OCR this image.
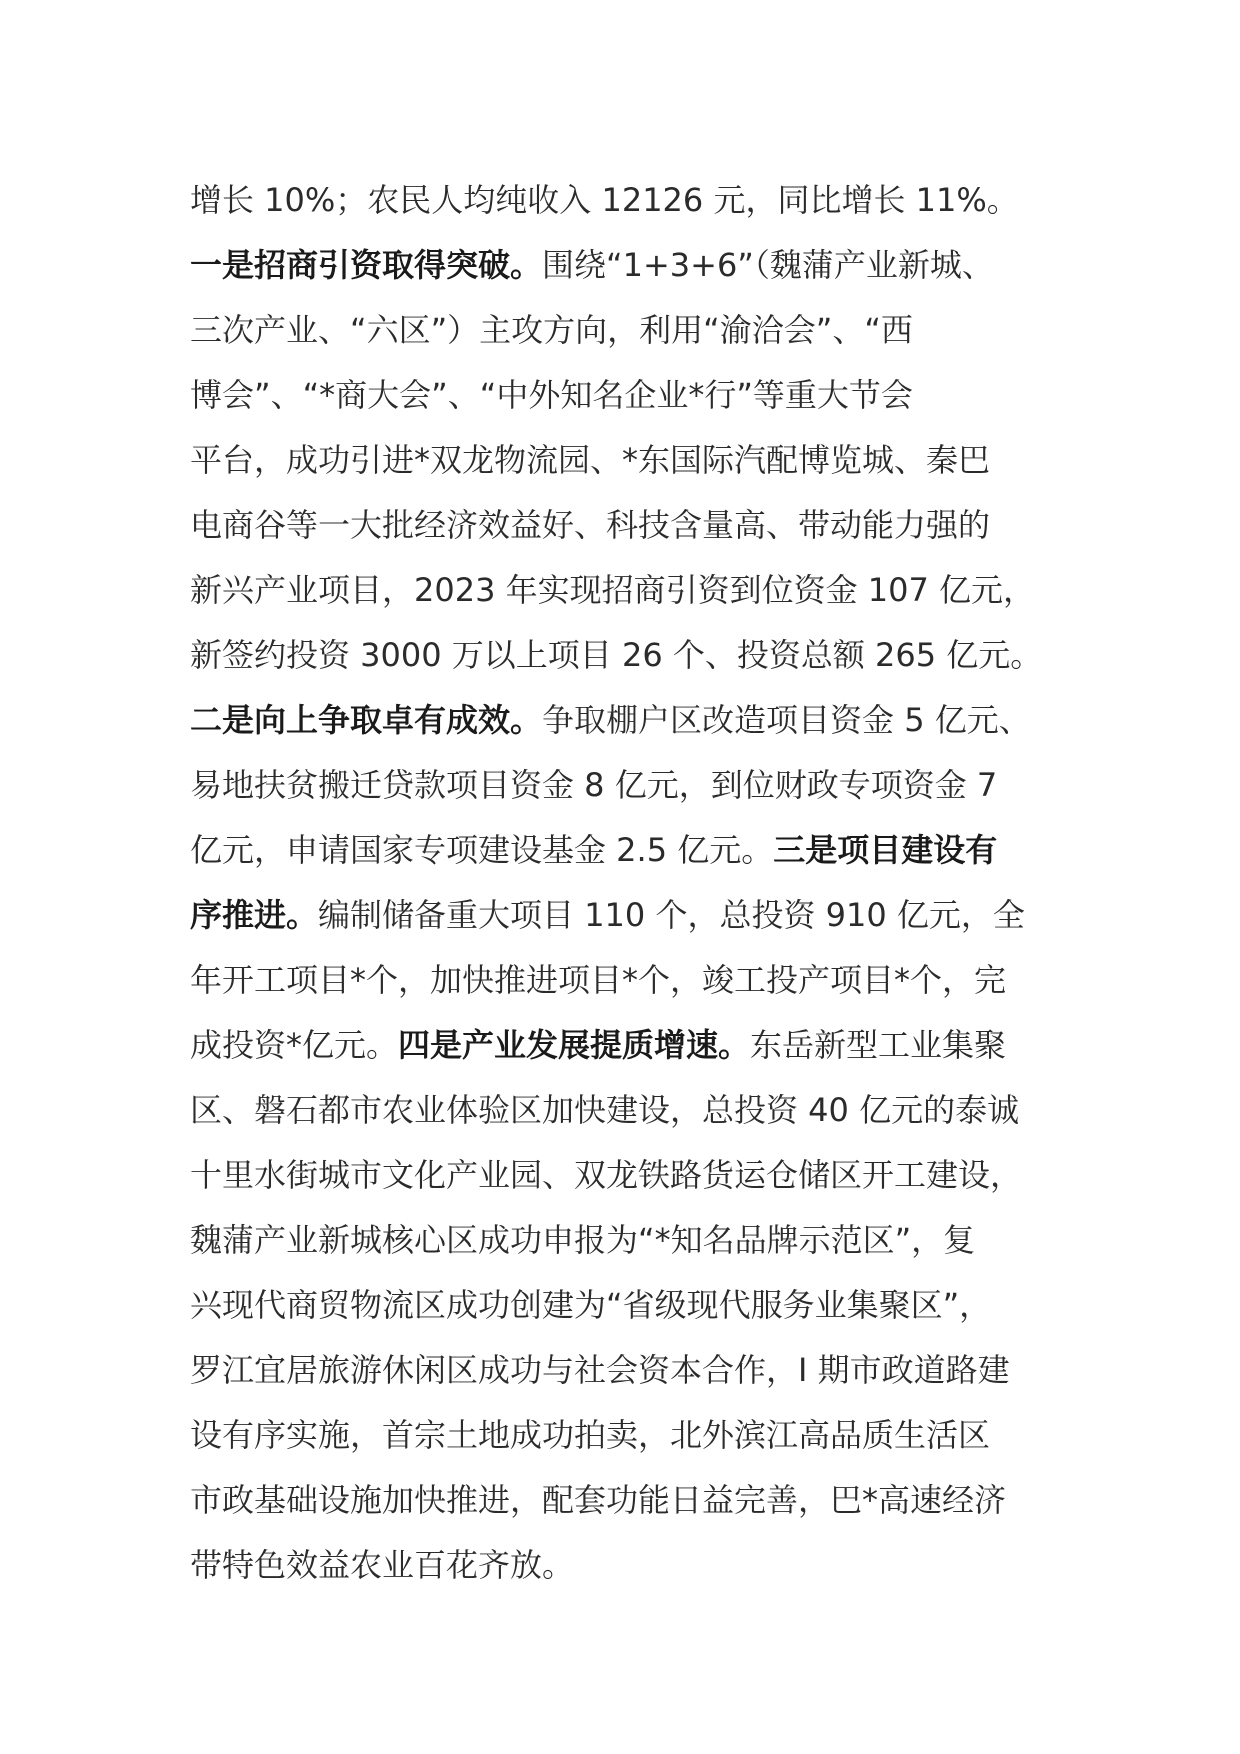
增长 10%；农民人均纯收入 12126 元，同比增长 11%。
一是招商引资取得突破。围绕“1+3+6”（魏蒲产业新城、
三次产业、“六区”）主攻方向，利用“渝洽会”、“西
博会”、“*商大会”、“中外知名企业*行”等重大节会
平台，成功引进*双龙物流园、*东国际汽配博览城、秦巴
电商谷等一大批经济效益好、科技含量高、带动能力强的
新兴产业项目，2023 年实现招商引资到位资金 107 亿元，
新签约投资 3000 万以上项目 26 个、投资总额 265 亿元。
二是向上争取卓有成效。争取棚户区改造项目资金 5 亿元、
易地扶贫搬迁贷款项目资金 8 亿元，到位财政专项资金 7
亿元，申请国家专项建设基金 2.5 亿元。三是项目建设有
序推进。编制储备重大项目 110 个，总投资 910 亿元，全
年开工项目*个，加快推进项目*个，竣工投产项目*个，完
成投资*亿元。四是产业发展提质增速。东岳新型工业集聚
区、磐石都市农业体验区加快建设，总投资 40 亿元的泰诚
十里水街城市文化产业园、双龙铁路货运仓储区开工建设，
魏蒲产业新城核心区成功申报为“*知名品牌示范区”，复
兴现代商贸物流区成功创建为“省级现代服务业集聚区”，
罗江宜居旅游休闲区成功与社会资本合作，I 期市政道路建
设有序实施，首宗土地成功拍卖，北外滨江高品质生活区
市政基础设施加快推进，配套功能日益完善，巴*高速经济
带特色效益农业百花齐放。
